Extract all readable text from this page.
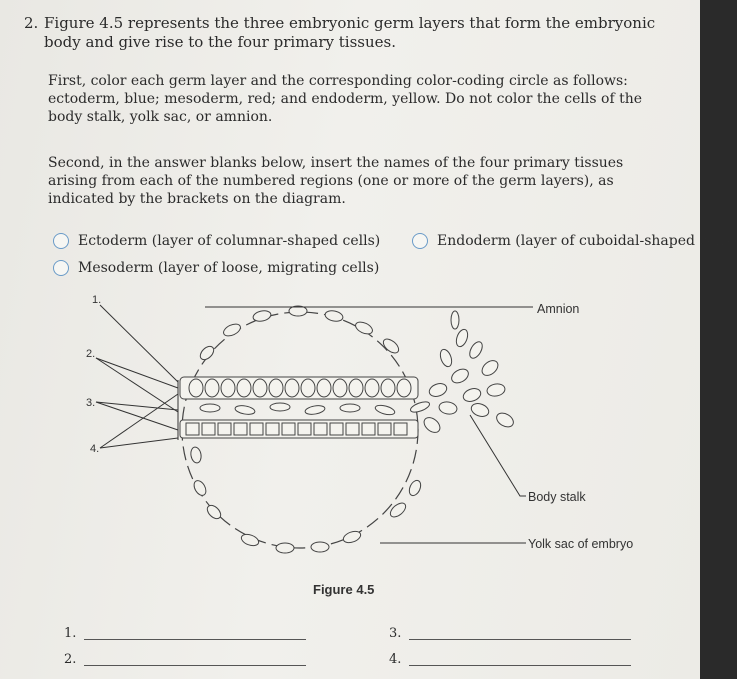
2. Figure 4.5 represents the three embryonic germ layers that form the embryonic body and give rise to the four primary tissues.
First, color each germ layer and the corresponding color-coding circle as follows: ectoderm, blue; mesoderm, red; and endoderm, yellow. Do not color the cells of the body stalk, yolk sac, or amnion.
Second, in the answer blanks below, insert the names of the four primary tissues arising from each of the numbered regions (one or more of the germ layers), as indicated by the brackets on the diagram.
Ectoderm (layer of columnar-shaped cells)
Mesoderm (layer of loose, migrating cells)
Endoderm (layer of cuboidal-shaped cells)
1.
2.
3.
4.
Amnion
Body stalk
Yolk sac of embryo
Figure 4.5
1.
2.
3.
4.
